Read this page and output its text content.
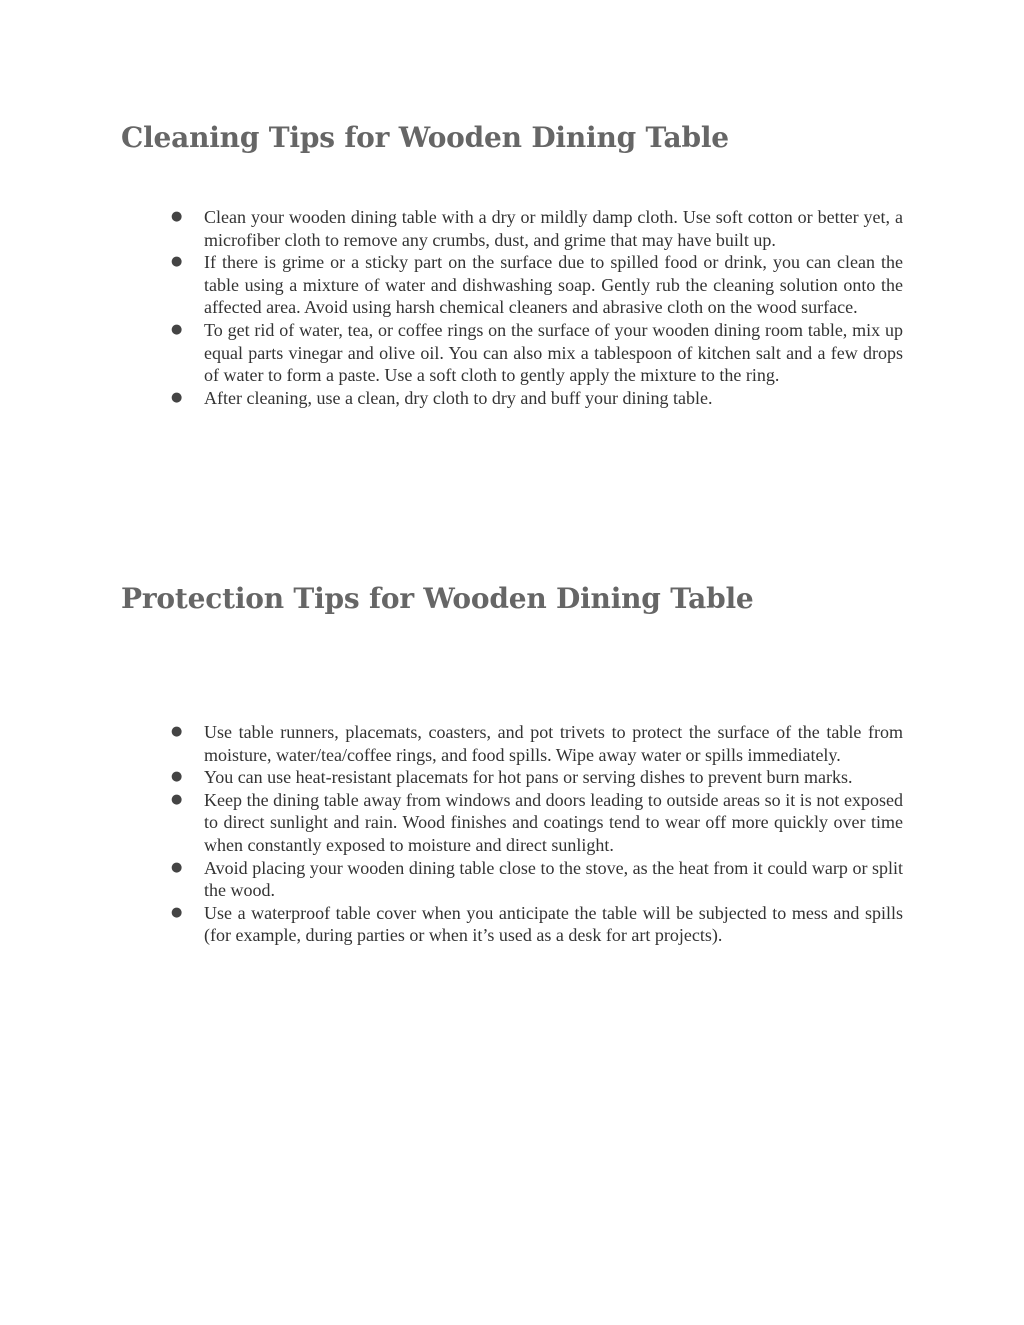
Cleaning Tips for Wooden Dining Table
● Clean your wooden dining table with a dry or mildly damp cloth. Use soft cotton or better yet, a microfiber cloth to remove any crumbs, dust, and grime that may have built up.
● If there is grime or a sticky part on the surface due to spilled food or drink, you can clean the table using a mixture of water and dishwashing soap. Gently rub the cleaning solution onto the affected area. Avoid using harsh chemical cleaners and abrasive cloth on the wood surface.
● To get rid of water, tea, or coffee rings on the surface of your wooden dining room table, mix up equal parts vinegar and olive oil. You can also mix a tablespoon of kitchen salt and a few drops of water to form a paste. Use a soft cloth to gently apply the mixture to the ring.
● After cleaning, use a clean, dry cloth to dry and buff your dining table.
Protection Tips for Wooden Dining Table
● Use table runners, placemats, coasters, and pot trivets to protect the surface of the table from moisture, water/tea/coffee rings, and food spills. Wipe away water or spills immediately.
● You can use heat-resistant placemats for hot pans or serving dishes to prevent burn marks.
● Keep the dining table away from windows and doors leading to outside areas so it is not exposed to direct sunlight and rain. Wood finishes and coatings tend to wear off more quickly over time when constantly exposed to moisture and direct sunlight.
● Avoid placing your wooden dining table close to the stove, as the heat from it could warp or split the wood.
● Use a waterproof table cover when you anticipate the table will be subjected to mess and spills (for example, during parties or when it’s used as a desk for art projects).
